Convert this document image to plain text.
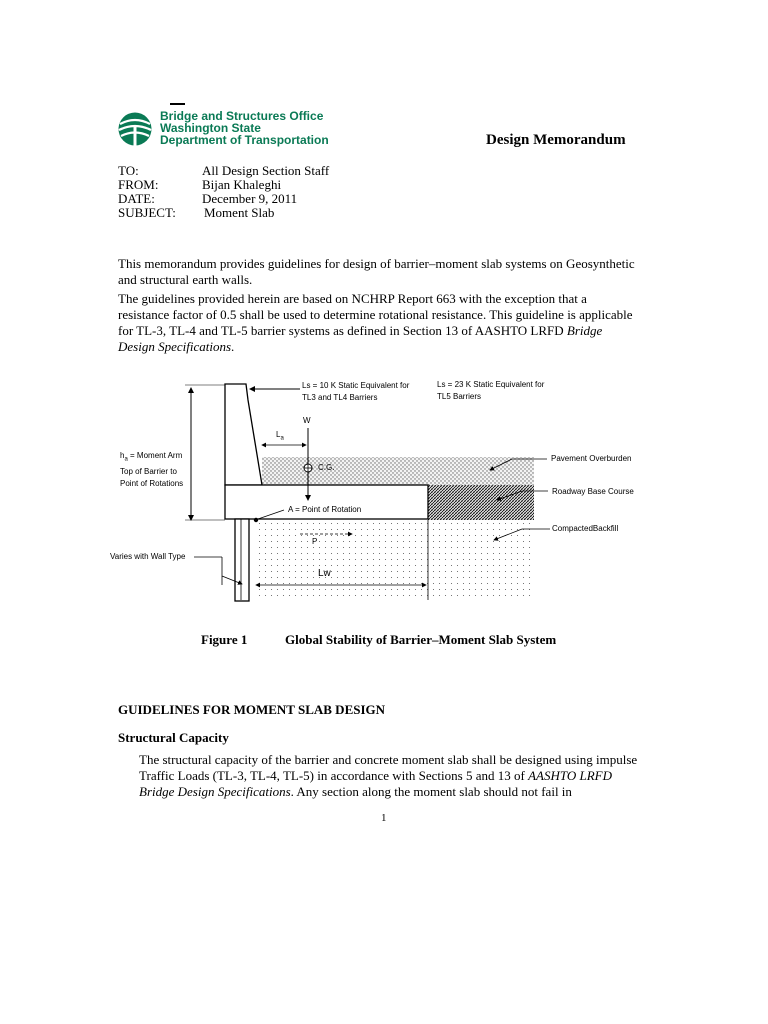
Bridge and Structures Office
Washington State
Department of Transportation	Design Memorandum
TO:	All Design Section Staff
FROM:	Bijan Khaleghi
DATE:	December 9, 2011
SUBJECT: Moment Slab
This memorandum provides guidelines for design of barrier–moment slab systems on Geosynthetic and structural earth walls.
The guidelines provided herein are based on NCHRP Report 663 with the exception that a resistance factor of 0.5 shall be used to determine rotational resistance. This guideline is applicable for TL-3, TL-4 and TL-5 barrier systems as defined in Section 13 of AASHTO LRFD Bridge Design Specifications.
Ls = 10 K Static Equivalent for
TL3 and TL4 Barriers
Ls = 23 K Static Equivalent for
TL5 Barriers
W
$L_a$
$h_a$ = Moment Arm
Top of Barrier to
Point of Rotations
C.G.
A = Point of Rotation
P
Lw
Varies with Wall Type
Pavement Overburden
Roadway Base Course
CompactedBackfill
Figure 1	Global Stability of Barrier–Moment Slab System
GUIDELINES FOR MOMENT SLAB DESIGN
Structural Capacity
The structural capacity of the barrier and concrete moment slab shall be designed using impulse Traffic Loads (TL-3, TL-4, TL-5) in accordance with Sections 5 and 13 of AASHTO LRFD Bridge Design Specifications. Any section along the moment slab should not fail in
1
